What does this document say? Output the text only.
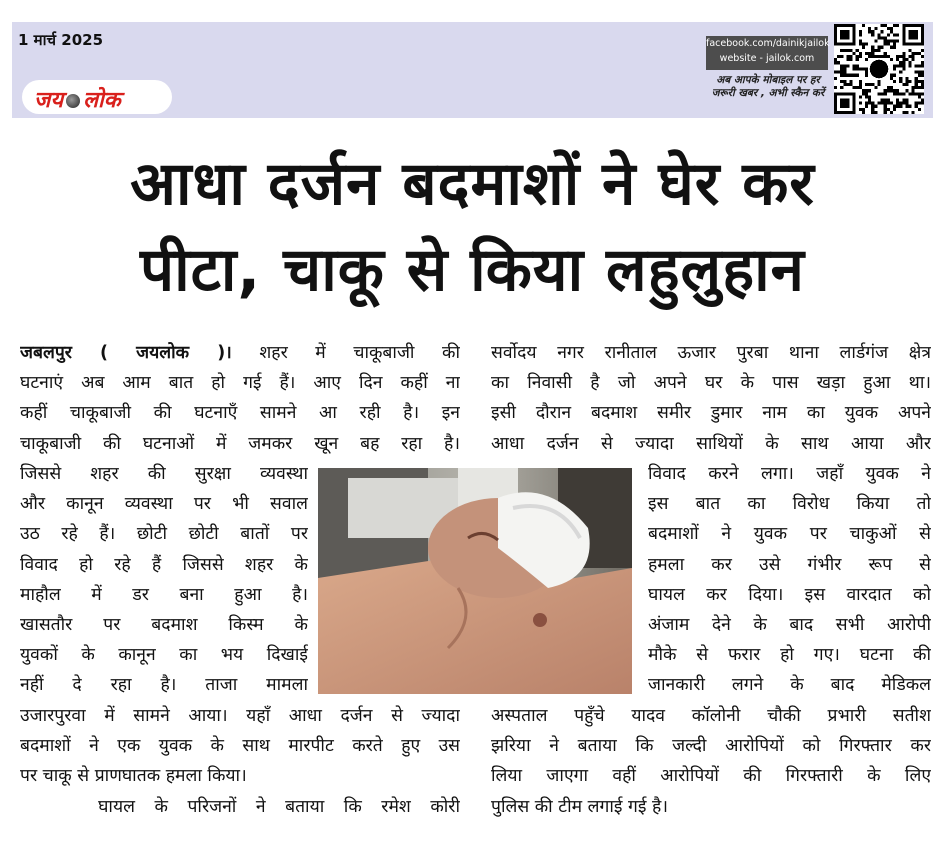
1 मार्च 2025
जय लोक
facebook.com/dainikjailok
website - jailok.com
अब आपके मोबाइल पर हर
जरूरी खबर , अभी स्कैन करें
आधा दर्जन बदमाशों ने घेर कर
पीटा, चाकू से किया लहुलुहान
जबलपुर ( जयलोक )। शहर में चाकूबाजी की
घटनाएं अब आम बात हो गई हैं। आए दिन कहीं ना
कहीं चाकूबाजी की घटनाएँ सामने आ रही है। इन
चाकूबाजी की घटनाओं में जमकर खून बह रहा है।
जिससे शहर की सुरक्षा व्यवस्था
और कानून व्यवस्था पर भी सवाल
उठ रहे हैं। छोटी छोटी बातों पर
विवाद हो रहे हैं जिससे शहर के
माहौल में डर बना हुआ है।
खासतौर पर बदमाश किस्म के
युवकों के कानून का भय दिखाई
नहीं दे रहा है। ताजा मामला
उजारपुरवा में सामने आया। यहाँ आधा दर्जन से ज्यादा
बदमाशों ने एक युवक के साथ मारपीट करते हुए उस
पर चाकू से प्राणघातक हमला किया।
घायल के परिजनों ने बताया कि रमेश कोरी
सर्वोदय नगर रानीताल ऊजार पुरबा थाना लार्डगंज क्षेत्र
का निवासी है जो अपने घर के पास खड़ा हुआ था।
इसी दौरान बदमाश समीर डुमार नाम का युवक अपने
आधा दर्जन से ज्यादा साथियों के साथ आया और
विवाद करने लगा। जहाँ युवक ने
इस बात का विरोध किया तो
बदमाशों ने युवक पर चाकुओं से
हमला कर उसे गंभीर रूप से
घायल कर दिया। इस वारदात को
अंजाम देने के बाद सभी आरोपी
मौके से फरार हो गए। घटना की
जानकारी लगने के बाद मेडिकल
अस्पताल पहुँचे यादव कॉलोनी चौकी प्रभारी सतीश
झरिया ने बताया कि जल्दी आरोपियों को गिरफ्तार कर
लिया जाएगा वहीं आरोपियों की गिरफ्तारी के लिए
पुलिस की टीम लगाई गई है।
